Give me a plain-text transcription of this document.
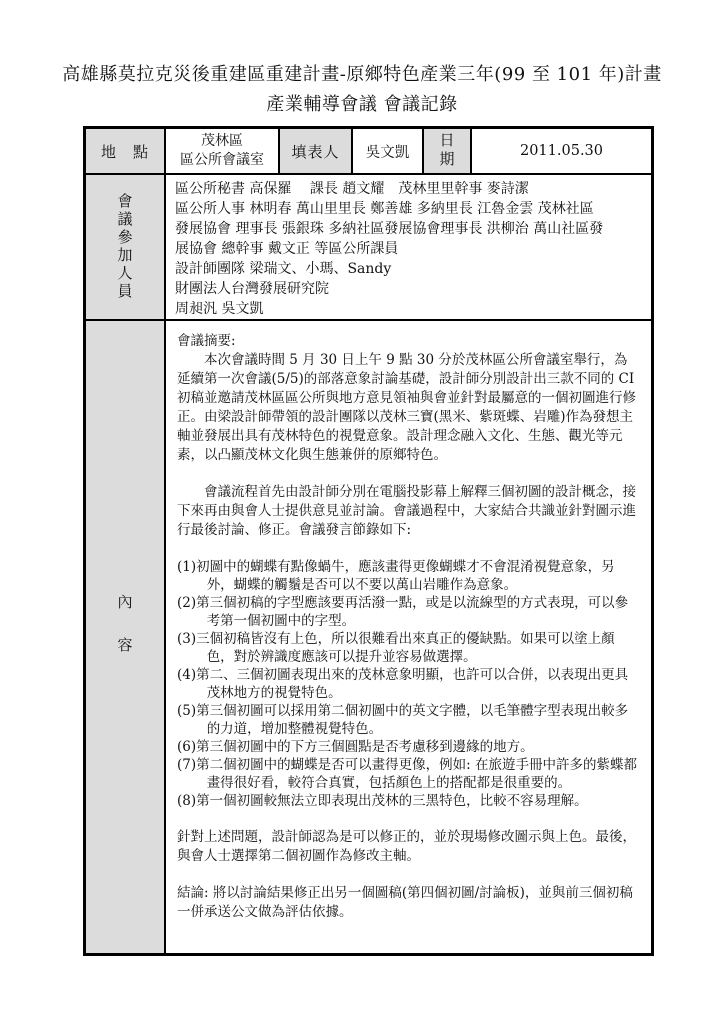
高雄縣莫拉克災後重建區重建計畫-原鄉特色產業三年(99 至 101 年)計畫
產業輔導會議 會議記錄
地　點
茂林區
區公所會議室 填表人 吳文凱 日期	2011.05.30
會議參加人員
區公所秘書 高保羅　 課長 趙文耀　茂林里里幹事 麥詩潔
區公所人事 林明春 萬山里里長 鄭善雄 多納里長 江魯金雲 茂林社區
發展協會 理事長 張銀珠 多納社區發展協會理事長 洪柳治 萬山社區發
展協會 總幹事 戴文正 等區公所課員
設計師團隊 梁瑞文、小瑪、Sandy
財團法人台灣發展研究院
周昶汎 吳文凱
內容
會議摘要:
本次會議時間 5 月 30 日上午 9 點 30 分於茂林區公所會議室舉行，為延續第一次會議(5/5)的部落意象討論基礎，設計師分別設計出三款不同的 CI 初稿並邀請茂林區區公所與地方意見領袖與會並針對最屬意的一個初圖進行修正。由梁設計師帶領的設計團隊以茂林三寶(黑米、紫斑蝶、岩雕)作為發想主軸並發展出具有茂林特色的視覺意象。設計理念融入文化、生態、觀光等元素，以凸顯茂林文化與生態兼併的原鄉特色。
會議流程首先由設計師分別在電腦投影幕上解釋三個初圖的設計概念，接下來再由與會人士提供意見並討論。會議過程中，大家結合共識並針對圖示進行最後討論、修正。會議發言節錄如下:
(1)初圖中的蝴蝶有點像蝸牛，應該畫得更像蝴蝶才不會混淆視覺意象，另外，蝴蝶的觸鬚是否可以不要以萬山岩雕作為意象。
(2)第三個初稿的字型應該要再活潑一點，或是以流線型的方式表現，可以參考第一個初圖中的字型。
(3)三個初稿皆沒有上色，所以很難看出來真正的優缺點。如果可以塗上顏色，對於辨識度應該可以提升並容易做選擇。
(4)第二、三個初圖表現出來的茂林意象明顯，也許可以合併，以表現出更具茂林地方的視覺特色。
(5)第三個初圖可以採用第二個初圖中的英文字體，以毛筆體字型表現出較多的力道，增加整體視覺特色。
(6)第三個初圖中的下方三個圓點是否考慮移到邊緣的地方。
(7)第二個初圖中的蝴蝶是否可以畫得更像，例如: 在旅遊手冊中許多的紫蝶都畫得很好看，較符合真實，包括顏色上的搭配都是很重要的。
(8)第一個初圖較無法立即表現出茂林的三黑特色，比較不容易理解。
針對上述問題，設計師認為是可以修正的，並於現場修改圖示與上色。最後，與會人士選擇第二個初圖作為修改主軸。
結論: 將以討論結果修正出另一個圖稿(第四個初圖/討論板)，並與前三個初稿一併承送公文做為評估依據。
